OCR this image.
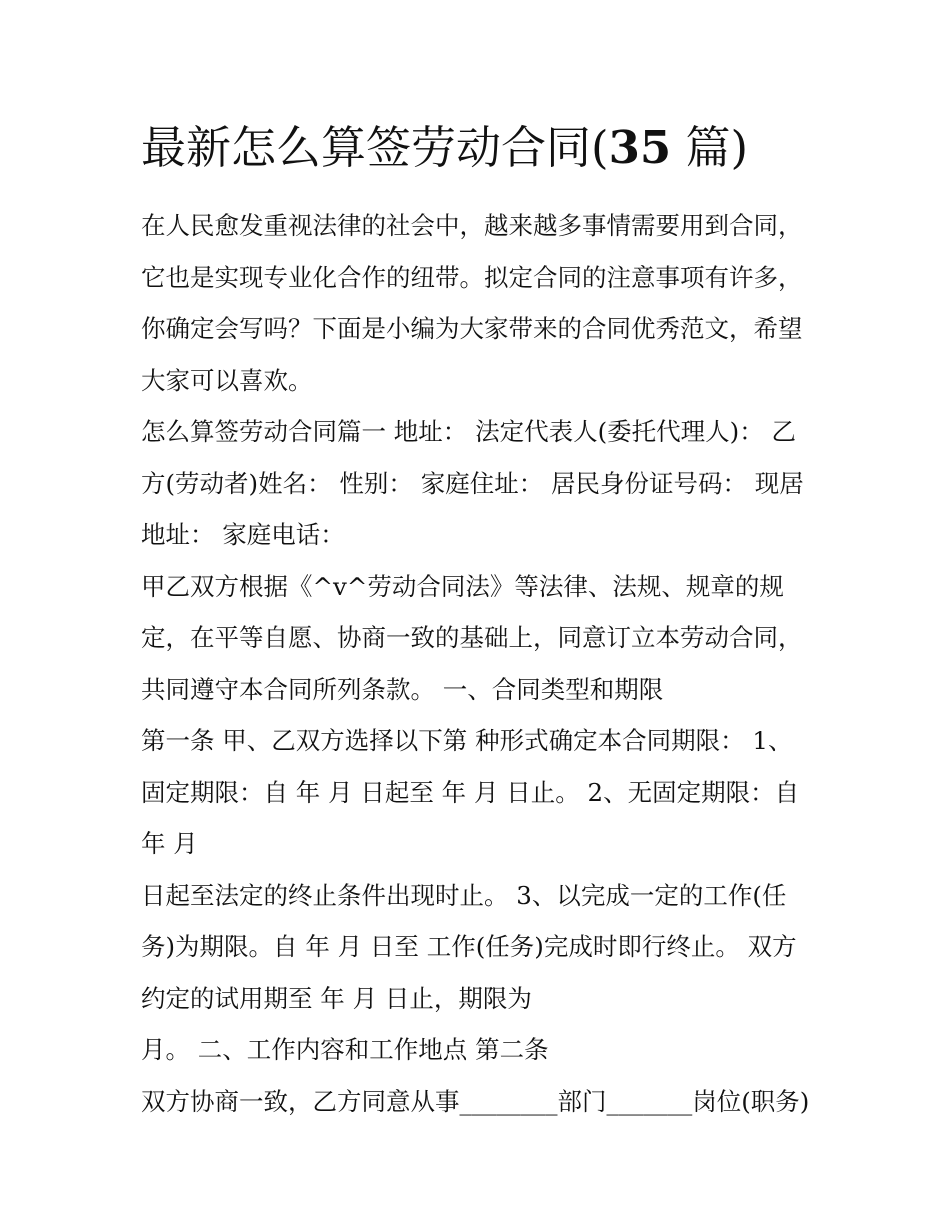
最新怎么算签劳动合同(35 篇)

在人民愈发重视法律的社会中，越来越多事情需要用到合同，

它也是实现专业化合作的纽带。拟定合同的注意事项有许多，

你确定会写吗？下面是小编为大家带来的合同优秀范文，希望

大家可以喜欢。

怎么算签劳动合同篇一 地址： 法定代表人(委托代理人)： 乙

方(劳动者)姓名： 性别： 家庭住址： 居民身份证号码： 现居

地址： 家庭电话：

甲乙双方根据《^v^劳动合同法》等法律、法规、规章的规

定，在平等自愿、协商一致的基础上，同意订立本劳动合同，

共同遵守本合同所列条款。 一、合同类型和期限

第一条 甲、乙双方选择以下第 种形式确定本合同期限： 1、

固定期限：自 年 月 日起至 年 月 日止。 2、无固定期限：自

年 月

日起至法定的终止条件出现时止。 3、以完成一定的工作(任

务)为期限。自 年 月 日至 工作(任务)完成时即行终止。 双方

约定的试用期至 年 月 日止，期限为

月。 二、工作内容和工作地点 第二条

双方协商一致，乙方同意从事________部门_______岗位(职务)
